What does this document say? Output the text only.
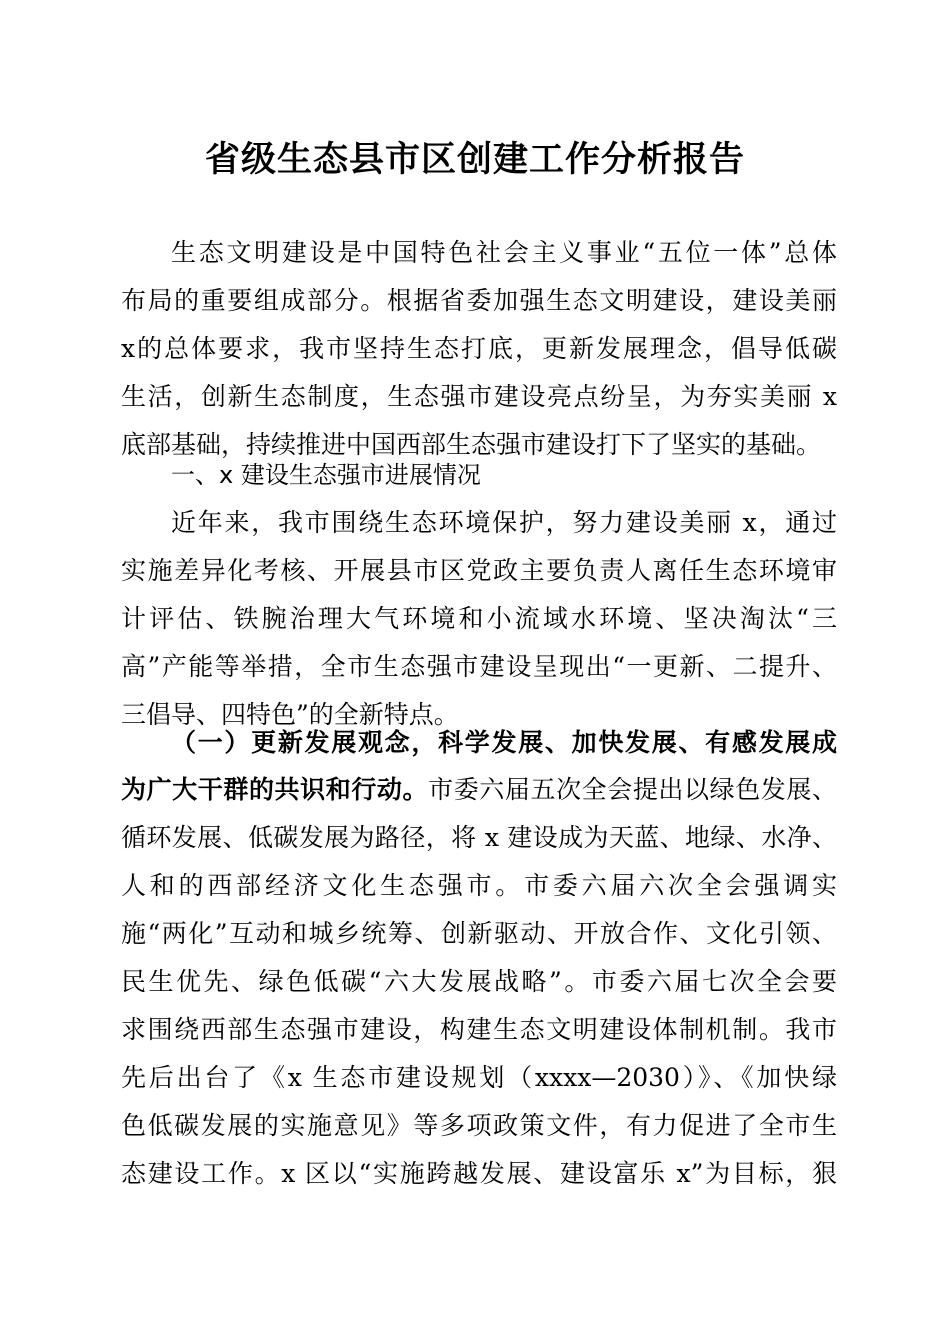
省级生态县市区创建工作分析报告
生态文明建设是中国特色社会主义事业“五位一体”总体
布局的重要组成部分。根据省委加强生态文明建设，建设美丽
x的总体要求，我市坚持生态打底，更新发展理念，倡导低碳
生活，创新生态制度，生态强市建设亮点纷呈，为夯实美丽 x
底部基础，持续推进中国西部生态强市建设打下了坚实的基础。
一、x 建设生态强市进展情况
近年来，我市围绕生态环境保护，努力建设美丽 x，通过
实施差异化考核、开展县市区党政主要负责人离任生态环境审
计评估、铁腕治理大气环境和小流域水环境、坚决淘汰“三
高”产能等举措，全市生态强市建设呈现出“一更新、二提升、
三倡导、四特色”的全新特点。
（一）更新发展观念，科学发展、加快发展、有感发展成
为广大干群的共识和行动。市委六届五次全会提出以绿色发展、
循环发展、低碳发展为路径，将 x 建设成为天蓝、地绿、水净、
人和的西部经济文化生态强市。市委六届六次全会强调实
施“两化”互动和城乡统筹、创新驱动、开放合作、文化引领、
民生优先、绿色低碳“六大发展战略”。市委六届七次全会要
求围绕西部生态强市建设，构建生态文明建设体制机制。我市
先后出台了《x 生态市建设规划（xxxx—2030）》、《加快绿
色低碳发展的实施意见》等多项政策文件，有力促进了全市生
态建设工作。x 区以“实施跨越发展、建设富乐 x”为目标，狠
